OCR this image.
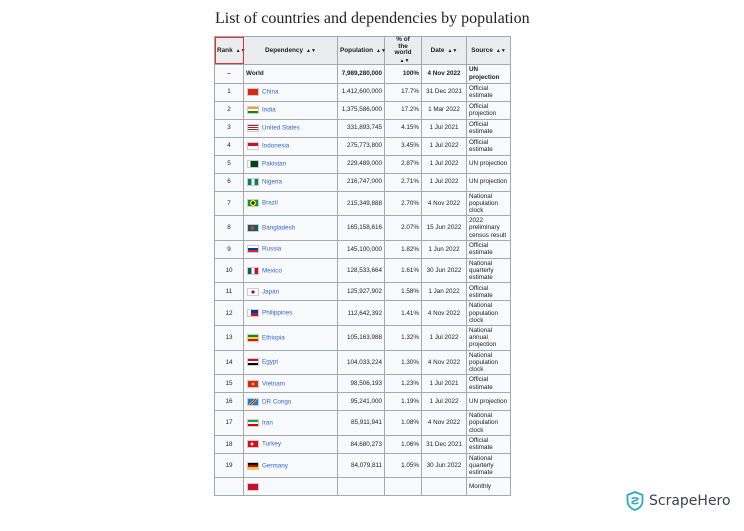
List of countries and dependencies by population
Rank ▲▼	Dependency ▲▼	Population ▲▼	% of the world▲▼	Date ▲▼	Source ▲▼
–	World	7,989,280,000	100%	4 Nov 2022	UN projection
1	China	1,412,600,000	17.7%	31 Dec 2021	Official estimate
2	India	1,375,586,000	17.2%	1 Mar 2022	Official projection
3	United States	331,893,745	4.15%	1 Jul 2021	Official estimate
4	Indonesia	275,773,800	3.45%	1 Jul 2022	Official estimate
5	Pakistan	229,489,000	2.87%	1 Jul 2022	UN projection
6	Nigeria	216,747,000	2.71%	1 Jul 2022	UN projection
7	Brazil	215,349,888	2.70%	4 Nov 2022	National population clock
8	Bangladesh	165,158,616	2.07%	15 Jun 2022	2022 preliminary census result
9	Russia	145,100,000	1.82%	1 Jun 2022	Official estimate
10	Mexico	128,533,664	1.61%	30 Jun 2022	National quarterly estimate
11	Japan	125,927,902	1.58%	1 Jan 2022	Official estimate
12	Philippines	112,642,392	1.41%	4 Nov 2022	National population clock
13	Ethiopia	105,163,988	1.32%	1 Jul 2022	National annual projection
14	Egypt	104,033,224	1.30%	4 Nov 2022	National population clock
15	Vietnam	98,506,193	1.23%	1 Jul 2021	Official estimate
16	DR Congo	95,241,000	1.19%	1 Jul 2022	UN projection
17	Iran	85,911,941	1.08%	4 Nov 2022	National population clock
18	Turkey	84,680,273	1.06%	31 Dec 2021	Official estimate
19	Germany	84,079,811	1.05%	30 Jun 2022	National quarterly estimate
					Monthly
ScrapeHero
